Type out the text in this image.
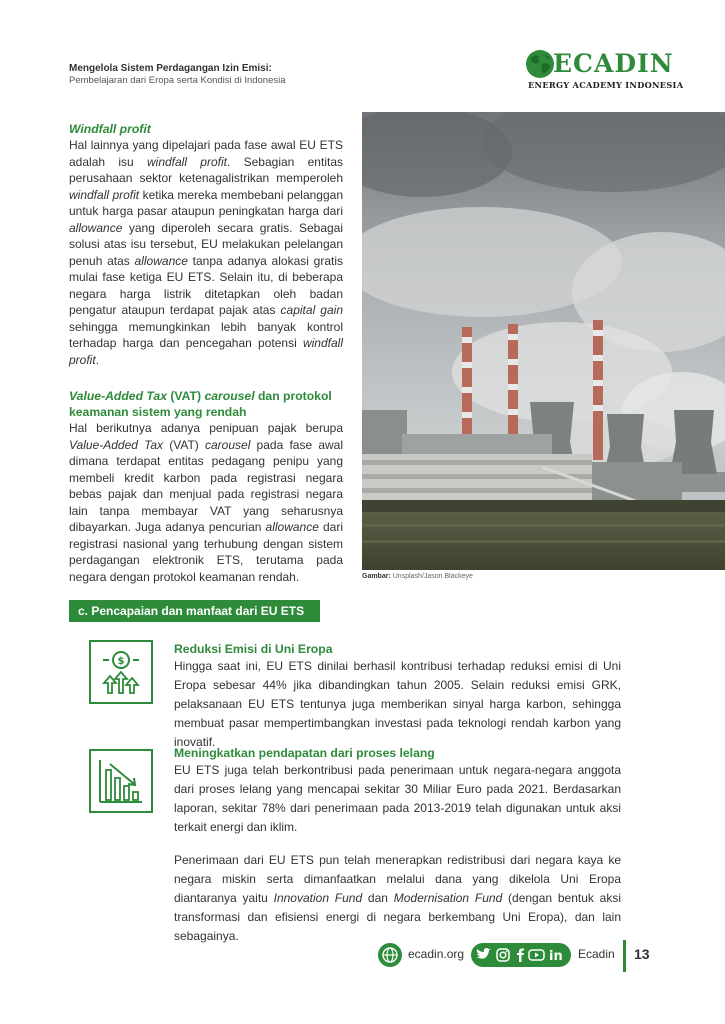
Mengelola Sistem Perdagangan Izin Emisi:
Pembelajaran dari Eropa serta Kondisi di Indonesia
ECADIN
ENERGY ACADEMY INDONESIA
Windfall profit

Hal lainnya yang dipelajari pada fase awal EU ETS adalah isu windfall profit. Sebagian entitas perusahaan sektor ketenagalistrikan memperoleh windfall profit ketika mereka membebani pelanggan untuk harga pasar ataupun peningkatan harga dari allowance yang diperoleh secara gratis. Sebagai solusi atas isu tersebut, EU melakukan pelelangan penuh atas allowance tanpa adanya alokasi gratis mulai fase ketiga EU ETS. Selain itu, di beberapa negara harga listrik ditetapkan oleh badan pengatur ataupun terdapat pajak atas capital gain sehingga memungkinkan lebih banyak kontrol terhadap harga dan pencegahan potensi windfall profit.

Value-Added Tax (VAT) carousel dan protokol keamanan sistem yang rendah

Hal berikutnya adanya penipuan pajak berupa Value-Added Tax (VAT) carousel pada fase awal dimana terdapat entitas pedagang penipu yang membeli kredit karbon pada registrasi negara bebas pajak dan menjual pada registrasi negara lain tanpa membayar VAT yang seharusnya dibayarkan. Juga adanya pencurian allowance dari registrasi nasional yang terhubung dengan sistem perdagangan elektronik ETS, terutama pada negara dengan protokol keamanan rendah.	Gambar: Unsplash/Jason Blackeye
c. Pencapaian dan manfaat dari EU ETS
$
Reduksi Emisi di Uni Eropa

Hingga saat ini, EU ETS dinilai berhasil kontribusi terhadap reduksi emisi di Uni Eropa sebesar 44% jika dibandingkan tahun 2005. Selain reduksi emisi GRK, pelaksanaan EU ETS tentunya juga memberikan sinyal harga karbon, sehingga membuat pasar mempertimbangkan investasi pada teknologi rendah karbon yang inovatif.

Meningkatkan pendapatan dari proses lelang

EU ETS juga telah berkontribusi pada penerimaan untuk negara-negara anggota dari proses lelang yang mencapai sekitar 30 Miliar Euro pada 2021. Berdasarkan laporan, sekitar 78% dari penerimaan pada 2013-2019 telah digunakan untuk aksi terkait energi dan iklim.

Penerimaan dari EU ETS pun telah menerapkan redistribusi dari negara kaya ke negara miskin serta dimanfaatkan melalui dana yang dikelola Uni Eropa diantaranya yaitu Innovation Fund dan Modernisation Fund (dengan bentuk aksi transformasi dan efisiensi energi di negara berkembang Uni Eropa), dan lain sebagainya.

ecadin.org	in Ecadin 13
